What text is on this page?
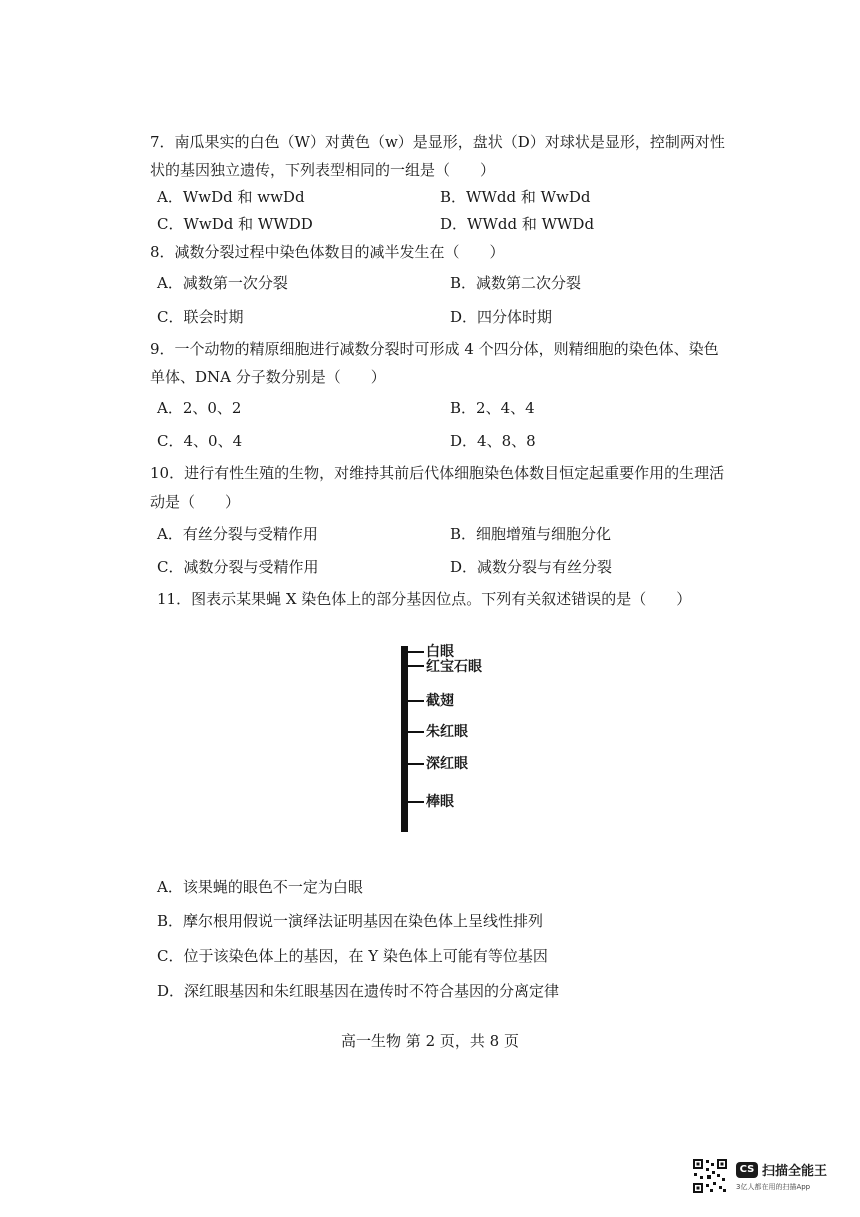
7．南瓜果实的白色（W）对黄色（w）是显形，盘状（D）对球状是显形，控制两对性
状的基因独立遗传，下列表型相同的一组是（　　）
A．WwDd 和 wwDd	B．WWdd 和 WwDd
C．WwDd 和 WWDD	D．WWdd 和 WWDd
8．减数分裂过程中染色体数目的减半发生在（　　）
A．减数第一次分裂	B．减数第二次分裂
C．联会时期	D．四分体时期
9．一个动物的精原细胞进行减数分裂时可形成 4 个四分体，则精细胞的染色体、染色
单体、DNA 分子数分别是（　　）
A．2、0、2	B．2、4、4
C．4、0、4	D．4、8、8
10．进行有性生殖的生物，对维持其前后代体细胞染色体数目恒定起重要作用的生理活
动是（　　）
A．有丝分裂与受精作用	B．细胞增殖与细胞分化
C．减数分裂与受精作用	D．减数分裂与有丝分裂
11．图表示某果蝇 X 染色体上的部分基因位点。下列有关叙述错误的是（　　）
白眼
红宝石眼
截翅
朱红眼
深红眼
棒眼
A．该果蝇的眼色不一定为白眼
B．摩尔根用假说一演绎法证明基因在染色体上呈线性排列
C．位于该染色体上的基因，在 Y 染色体上可能有等位基因
D．深红眼基因和朱红眼基因在遗传时不符合基因的分离定律
高一生物 第 2 页，共 8 页
CS 扫描全能王
3亿人都在用的扫描App
